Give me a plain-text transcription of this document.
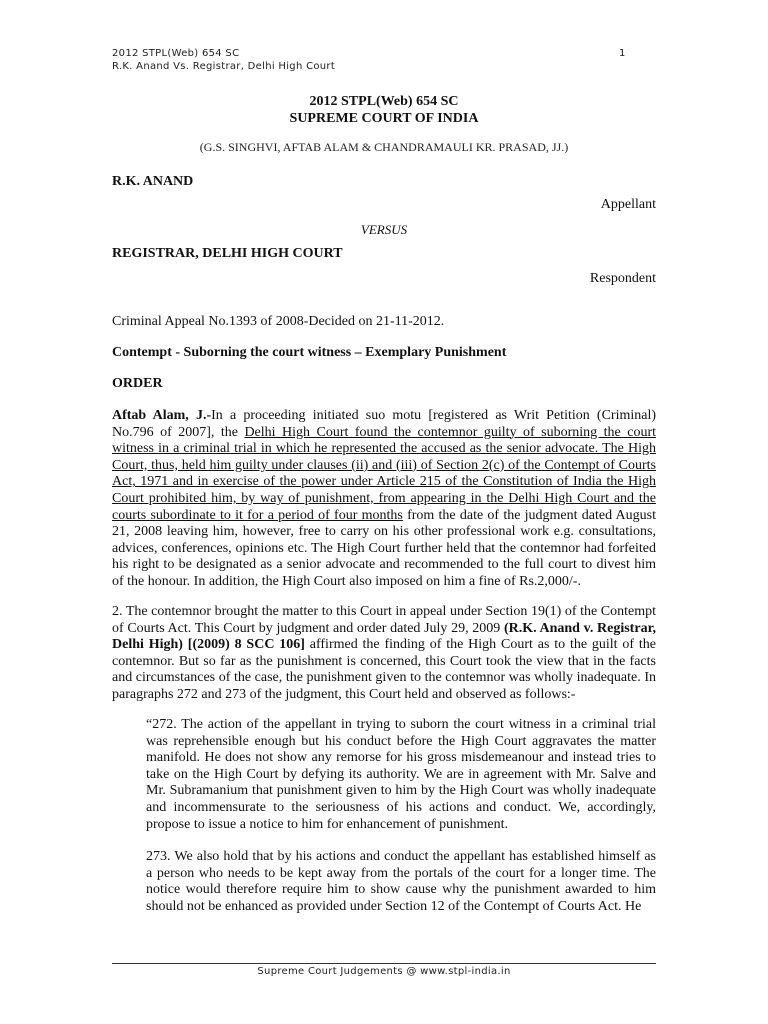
2012 STPL(Web) 654 SC
R.K. Anand Vs. Registrar, Delhi High Court
1
2012 STPL(Web) 654 SC
SUPREME COURT OF INDIA
(G.S. SINGHVI, AFTAB ALAM & CHANDRAMAULI KR. PRASAD, JJ.)
R.K. ANAND
Appellant
VERSUS
REGISTRAR, DELHI HIGH COURT
Respondent
Criminal Appeal No.1393 of 2008-Decided on 21-11-2012.
Contempt - Suborning the court witness – Exemplary Punishment
ORDER

Aftab Alam, J.-In a proceeding initiated suo motu [registered as Writ Petition (Criminal) No.796 of 2007], the Delhi High Court found the contemnor guilty of suborning the court witness in a criminal trial in which he represented the accused as the senior advocate. The High Court, thus, held him guilty under clauses (ii) and (iii) of Section 2(c) of the Contempt of Courts Act, 1971 and in exercise of the power under Article 215 of the Constitution of India the High Court prohibited him, by way of punishment, from appearing in the Delhi High Court and the courts subordinate to it for a period of four months from the date of the judgment dated August 21, 2008 leaving him, however, free to carry on his other professional work e.g. consultations, advices, conferences, opinions etc. The High Court further held that the contemnor had forfeited his right to be designated as a senior advocate and recommended to the full court to divest him of the honour. In addition, the High Court also imposed on him a fine of Rs.2,000/-.

2. The contemnor brought the matter to this Court in appeal under Section 19(1) of the Contempt of Courts Act. This Court by judgment and order dated July 29, 2009 (R.K. Anand v. Registrar, Delhi High) [(2009) 8 SCC 106] affirmed the finding of the High Court as to the guilt of the contemnor. But so far as the punishment is concerned, this Court took the view that in the facts and circumstances of the case, the punishment given to the contemnor was wholly inadequate. In paragraphs 272 and 273 of the judgment, this Court held and observed as follows:-

“272. The action of the appellant in trying to suborn the court witness in a criminal trial was reprehensible enough but his conduct before the High Court aggravates the matter manifold. He does not show any remorse for his gross misdemeanour and instead tries to take on the High Court by defying its authority. We are in agreement with Mr. Salve and Mr. Subramanium that punishment given to him by the High Court was wholly inadequate and incommensurate to the seriousness of his actions and conduct. We, accordingly, propose to issue a notice to him for enhancement of punishment.
273. We also hold that by his actions and conduct the appellant has established himself as a person who needs to be kept away from the portals of the court for a longer time. The notice would therefore require him to show cause why the punishment awarded to him should not be enhanced as provided under Section 12 of the Contempt of Courts Act. He
Supreme Court Judgements @ www.stpl-india.in
